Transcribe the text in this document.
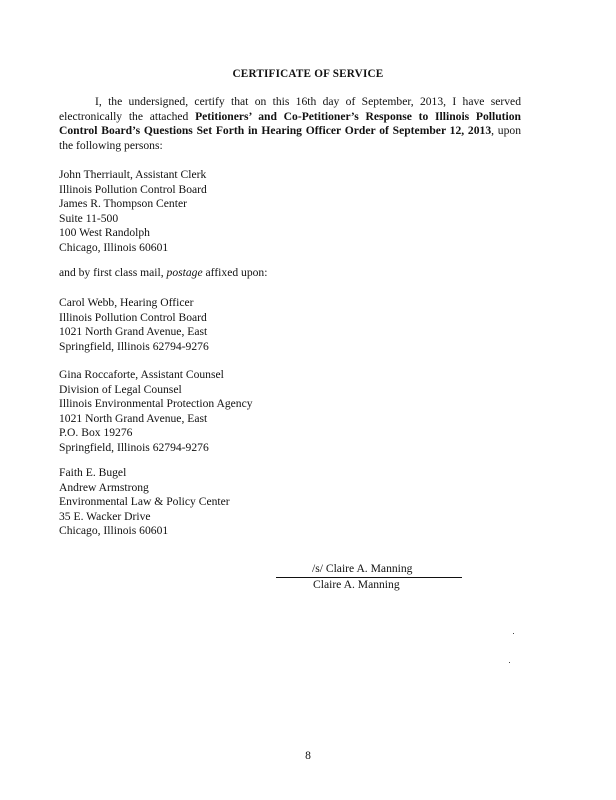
CERTIFICATE OF SERVICE
I, the undersigned, certify that on this 16th day of September, 2013, I have served electronically the attached Petitioners’ and Co-Petitioner’s Response to Illinois Pollution Control Board’s Questions Set Forth in Hearing Officer Order of September 12, 2013, upon the following persons:
John Therriault, Assistant Clerk
Illinois Pollution Control Board
James R. Thompson Center
Suite 11-500
100 West Randolph
Chicago, Illinois 60601
and by first class mail, postage affixed upon:
Carol Webb, Hearing Officer
Illinois Pollution Control Board
1021 North Grand Avenue, East
Springfield, Illinois 62794-9276
Gina Roccaforte, Assistant Counsel
Division of Legal Counsel
Illinois Environmental Protection Agency
1021 North Grand Avenue, East
P.O. Box 19276
Springfield, Illinois 62794-9276
Faith E. Bugel
Andrew Armstrong
Environmental Law & Policy Center
35 E. Wacker Drive
Chicago, Illinois 60601
/s/ Claire A. Manning
Claire A. Manning
8
